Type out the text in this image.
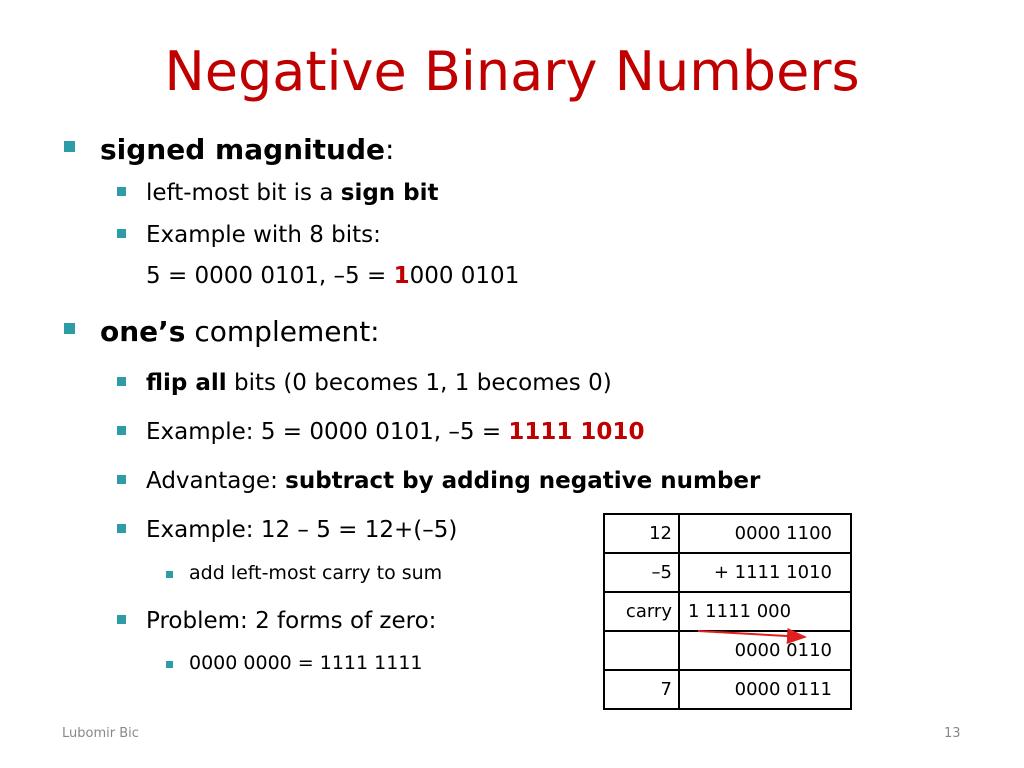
Negative Binary Numbers
signed magnitude:
left-most bit is a sign bit
Example with 8 bits:
5 = 0000 0101, –5 = 1000 0101
one’s complement:
flip all bits (0 becomes 1, 1 becomes 0)
Example: 5 = 0000 0101, –5 = 1111 1010
Advantage: subtract by adding negative number
Example: 12 – 5 = 12+(–5)
add left-most carry to sum
Problem: 2 forms of zero:
0000 0000 = 1111 1111
12	0000 1100
–5	+ 1111 1010
carry	1 1111 000
	0000 0110
7	0000 0111
Lubomir Bic	13
